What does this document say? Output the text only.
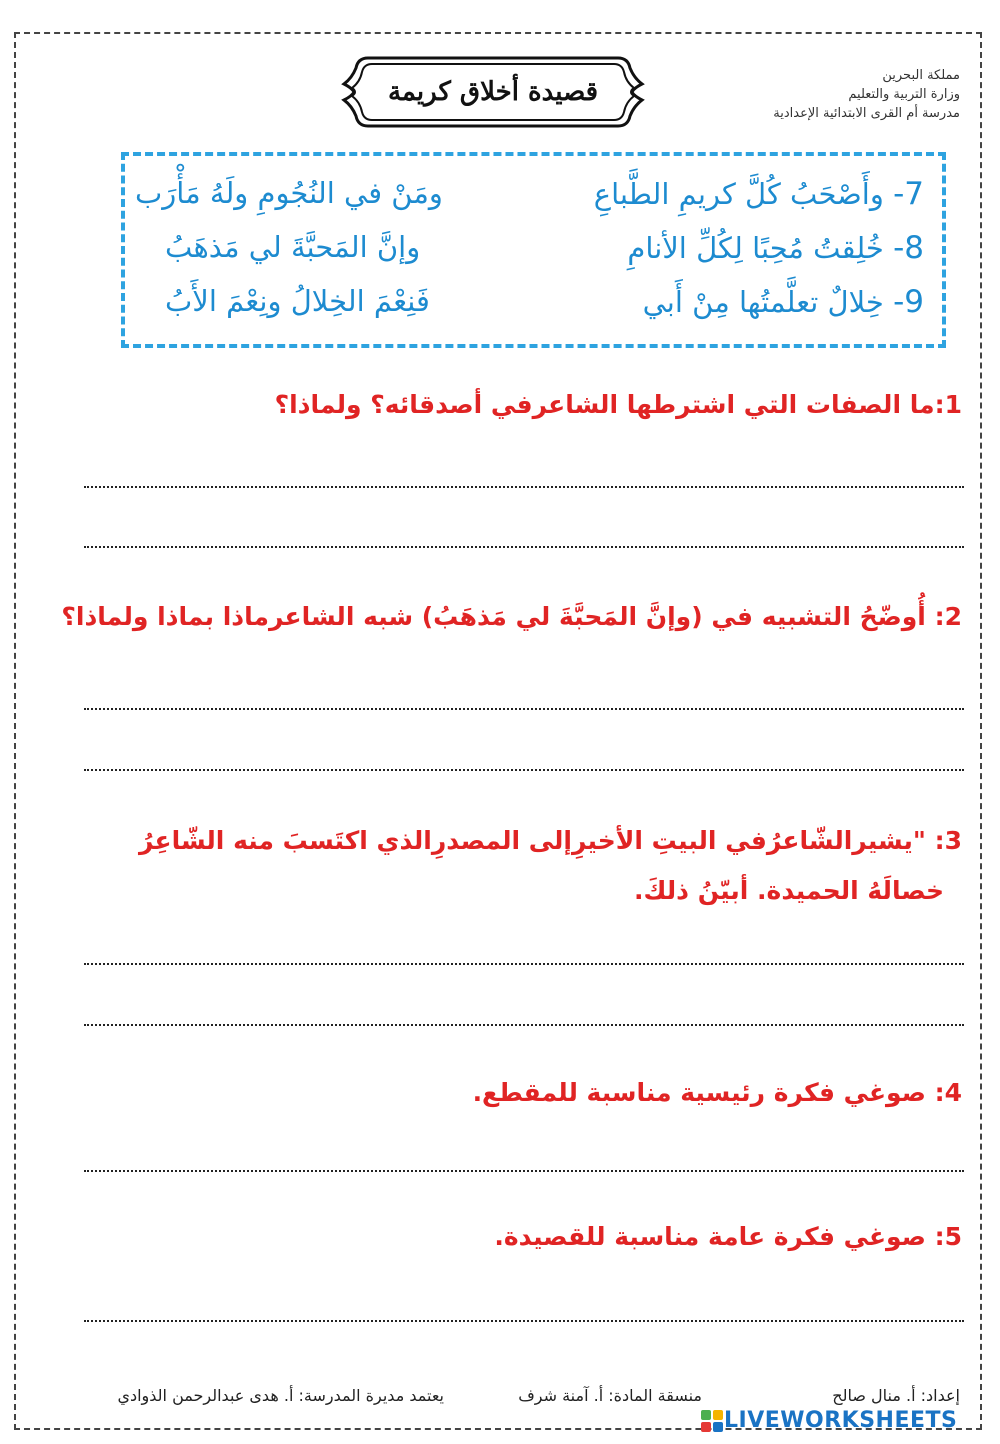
مملكة البحرين
وزارة التربية والتعليم
مدرسة أم القرى الابتدائية الإعدادية
قصيدة أخلاق كريمة
7- وأَصْحَبُ كُلَّ كريمِ الطَّباعِ
ومَنْ في النُجُومِ ولَهُ مَأْرَب
8- خُلِقتُ مُحِبًا لِكُلِّ الأنامِ
وإنَّ المَحبَّةَ لي مَذهَبُ
9- خِلالٌ تعلَّمتُها مِنْ أَبي
فَنِعْمَ الخِلالُ ونِعْمَ الأَبُ
1:ما الصفات التي اشترطها الشاعرفي أصدقائه؟ ولماذا؟
2: أُوضّحُ التشبيه في (وإنَّ المَحبَّةَ لي مَذهَبُ) شبه الشاعرماذا بماذا ولماذا؟
3: "يشيرالشّاعرُفي البيتِ الأخيرِإلى المصدرِالذي اكتَسبَ منه الشّاعِرُ
خصالَهُ الحميدة. أبيّنُ ذلكَ.
4: صوغي فكرة رئيسية مناسبة للمقطع.
5: صوغي فكرة عامة مناسبة للقصيدة.
إعداد: أ. منال صالح
منسقة المادة: أ. آمنة شرف
يعتمد مديرة المدرسة: أ. هدى عبدالرحمن الذوادي
LIVEWORKSHEETS
